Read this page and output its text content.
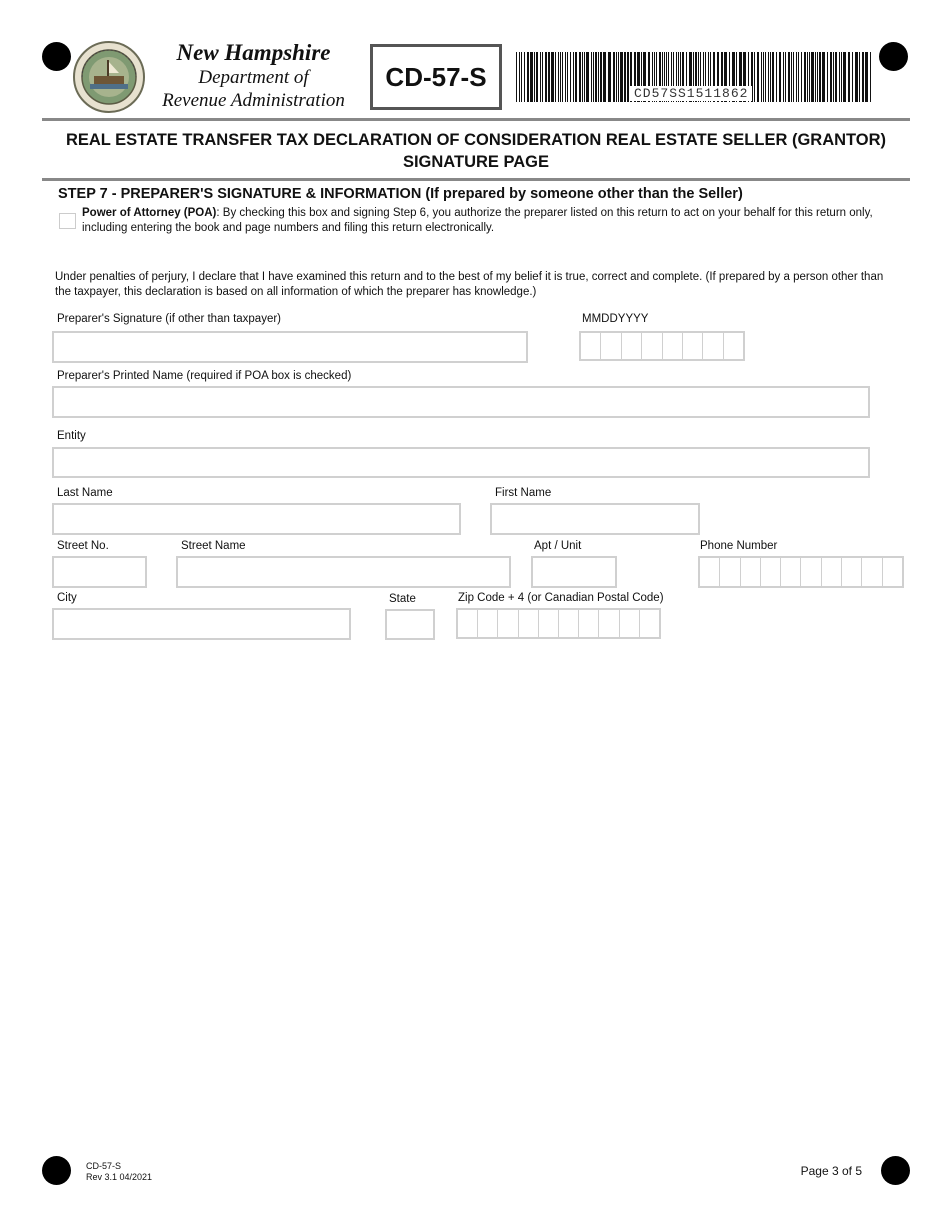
New Hampshire
Department of
Revenue Administration
CD-57-S
CD57SS1511862
REAL ESTATE TRANSFER TAX DECLARATION OF CONSIDERATION REAL ESTATE SELLER (GRANTOR)
SIGNATURE PAGE
STEP 7 - PREPARER'S SIGNATURE & INFORMATION (If prepared by someone other than the Seller)
Power of Attorney (POA): By checking this box and signing Step 6, you authorize the preparer listed on this return to act on your behalf for this return only, including entering the book and page numbers and filing this return electronically.
Under penalties of perjury, I declare that I have examined this return and to the best of my belief it is true, correct and complete. (If prepared by a person other than the taxpayer, this declaration is based on all information of which the preparer has knowledge.)
Preparer's Signature (if other than taxpayer)	MMDDYYYY
Preparer's Printed Name (required if POA box is checked)
Entity
Last Name	First Name
Street No.	Street Name	Apt / Unit	Phone Number
City	State	Zip Code + 4 (or Canadian Postal Code)
CD-57-S
Rev 3.1 04/2021	Page 3 of 5
